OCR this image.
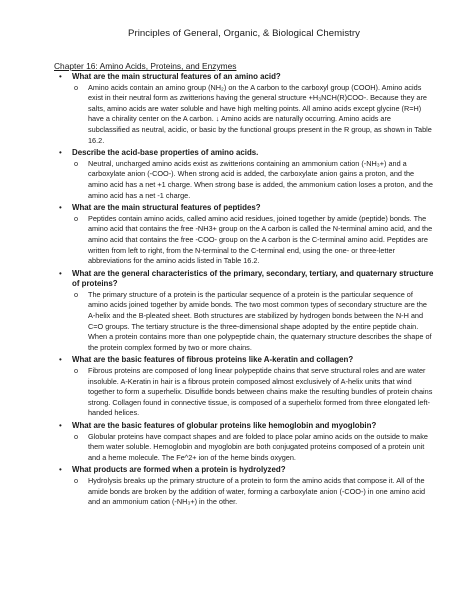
Principles of General, Organic, & Biological Chemistry
Chapter 16: Amino Acids, Proteins, and Enzymes
• What are the main structural features of an amino acid?
o Amino acids contain an amino group (NH₂) on the A carbon to the carboxyl group (COOH). Amino acids exist in their neutral form as zwitterions having the general structure +H₃NCH(R)COO-. Because they are salts, amino acids are water soluble and have high melting points. All amino acids except glycine (R=H) have a chirality center on the A carbon. ↓ Amino acids are naturally occurring. Amino acids are subclassified as neutral, acidic, or basic by the functional groups present in the R group, as shown in Table 16.2.
• Describe the acid-base properties of amino acids.
o Neutral, uncharged amino acids exist as zwitterions containing an ammonium cation (-NH₃+) and a carboxylate anion (-COO-). When strong acid is added, the carboxylate anion gains a proton, and the amino acid has a net +1 charge. When strong base is added, the ammonium cation loses a proton, and the amino acid has a net -1 charge.
• What are the main structural features of peptides?
o Peptides contain amino acids, called amino acid residues, joined together by amide (peptide) bonds. The amino acid that contains the free -NH3+ group on the A carbon is called the N-terminal amino acid, and the amino acid that contains the free -COO- group on the A carbon is the C-terminal amino acid. Peptides are written from left to right, from the N-terminal to the C-terminal end, using the one- or three-letter abbreviations for the amino acids listed in Table 16.2.
• What are the general characteristics of the primary, secondary, tertiary, and quaternary structure of proteins?
o The primary structure of a protein is the particular sequence of a protein is the particular sequence of amino acids joined together by amide bonds. The two most common types of secondary structure are the A-helix and the B-pleated sheet. Both structures are stabilized by hydrogen bonds between the N-H and C=O groups. The tertiary structure is the three-dimensional shape adopted by the entire peptide chain. When a protein contains more than one polypeptide chain, the quaternary structure describes the shape of the protein complex formed by two or more chains.
• What are the basic features of fibrous proteins like A-keratin and collagen?
o Fibrous proteins are composed of long linear polypeptide chains that serve structural roles and are water insoluble. A-Keratin in hair is a fibrous protein composed almost exclusively of A-helix units that wind together to form a superhelix. Disulfide bonds between chains make the resulting bundles of protein chains strong. Collagen found in connective tissue, is composed of a superhelix formed from three elongated left-handed helices.
• What are the basic features of globular proteins like hemoglobin and myoglobin?
o Globular proteins have compact shapes and are folded to place polar amino acids on the outside to make them water soluble. Hemoglobin and myoglobin are both conjugated proteins composed of a protein unit and a heme molecule. The Fe^2+ ion of the heme binds oxygen.
• What products are formed when a protein is hydrolyzed?
o Hydrolysis breaks up the primary structure of a protein to form the amino acids that compose it. All of the amide bonds are broken by the addition of water, forming a carboxylate anion (-COO-) in one amino acid and an ammonium cation (-NH₃+) in the other.
